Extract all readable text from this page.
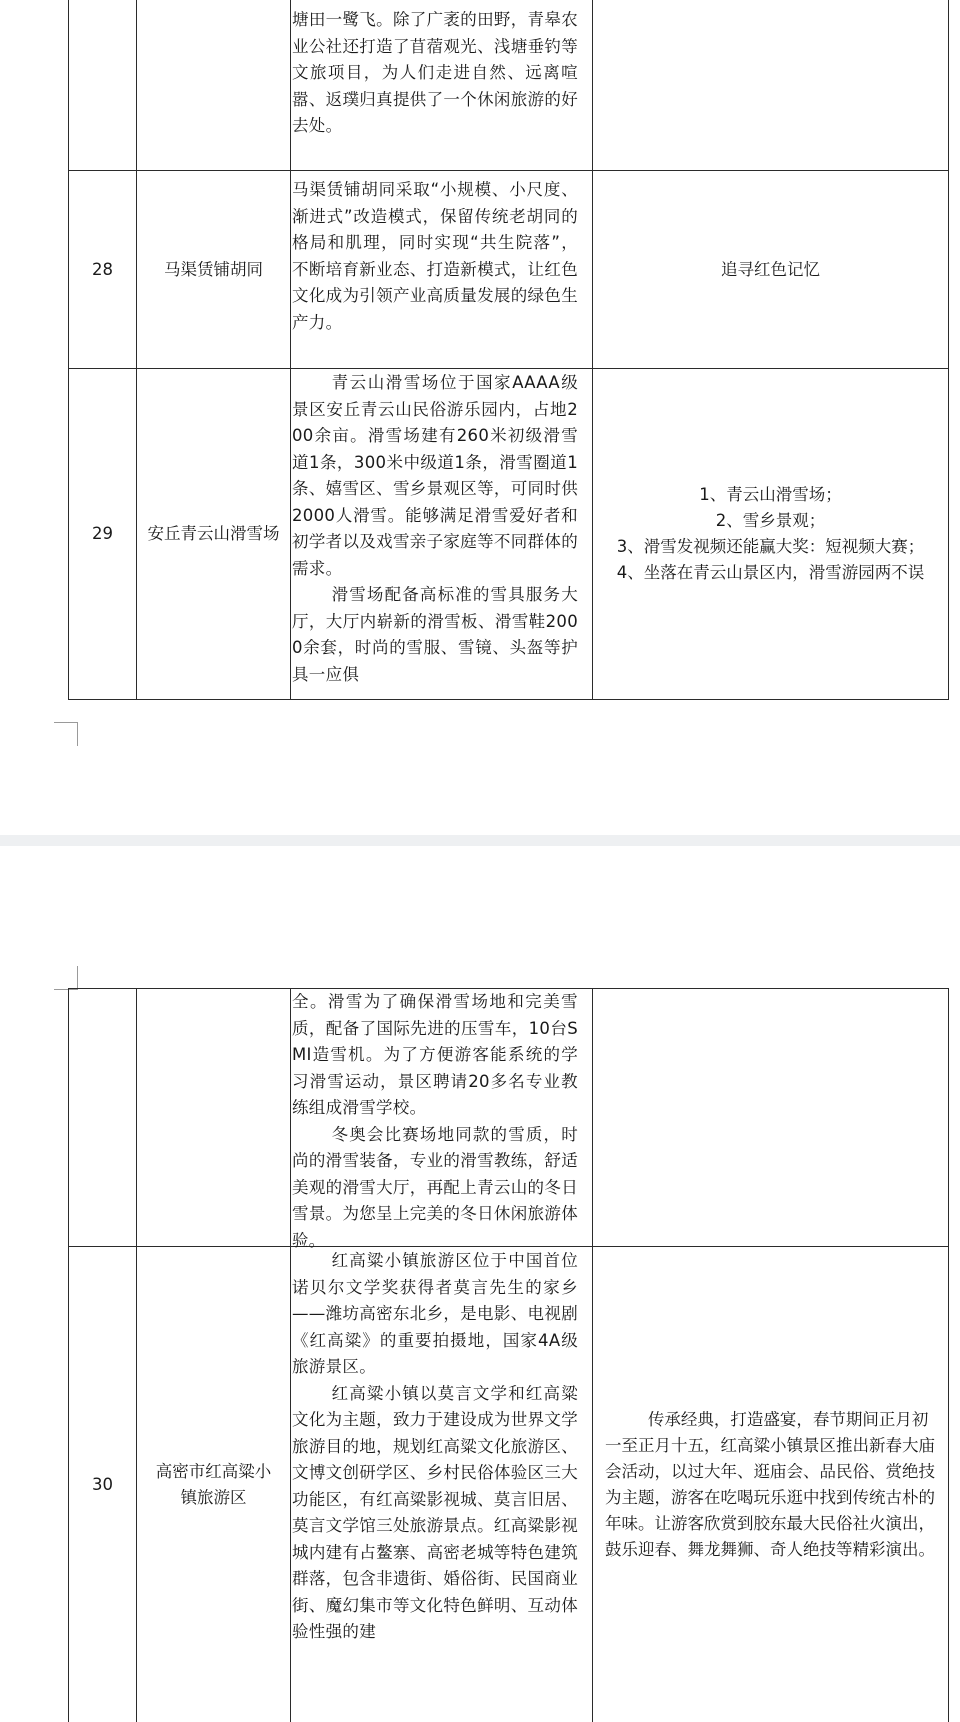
塘田一鹭飞。除了广袤的田野，青皋农业公社还打造了苜蓿观光、浅塘垂钓等文旅项目，为人们走进自然、远离喧嚣、返璞归真提供了一个休闲旅游的好去处。

28	马渠赁铺胡同

马渠赁铺胡同采取“小规模、小尺度、渐进式”改造模式，保留传统老胡同的格局和肌理，同时实现“共生院落”，不断培育新业态、打造新模式，让红色文化成为引领产业高质量发展的绿色生产力。

追寻红色记忆
29 安丘青云山滑雪场

青云山滑雪场位于国家AAAA级景区安丘青云山民俗游乐园内，占地200余亩。滑雪场建有260米初级滑雪道1条，300米中级道1条，滑雪圈道1条、嬉雪区、雪乡景观区等，可同时供2000人滑雪。能够满足滑雪爱好者和初学者以及戏雪亲子家庭等不同群体的需求。

滑雪场配备高标准的雪具服务大厅，大厅内崭新的滑雪板、滑雪鞋2000余套，时尚的雪服、雪镜、头盔等护具一应俱

1、青云山滑雪场；
2、雪乡景观；
3、滑雪发视频还能赢大奖：短视频大赛；
4、坐落在青云山景区内，滑雪游园两不误

全。滑雪为了确保滑雪场地和完美雪质，配备了国际先进的压雪车，10台SMI造雪机。为了方便游客能系统的学习滑雪运动，景区聘请20多名专业教练组成滑雪学校。

冬奥会比赛场地同款的雪质，时尚的滑雪装备，专业的滑雪教练，舒适美观的滑雪大厅，再配上青云山的冬日雪景。为您呈上完美的冬日休闲旅游体验。

30
高密市红高粱小镇旅游区

红高粱小镇旅游区位于中国首位诺贝尔文学奖获得者莫言先生的家乡——潍坊高密东北乡，是电影、电视剧《红高粱》的重要拍摄地，国家4A级旅游景区。

红高粱小镇以莫言文学和红高粱文化为主题，致力于建设成为世界文学旅游目的地，规划红高粱文化旅游区、文博文创研学区、乡村民俗体验区三大功能区，有红高粱影视城、莫言旧居、莫言文学馆三处旅游景点。红高粱影视城内建有占鳌寨、高密老城等特色建筑群落，包含非遗街、婚俗街、民国商业街、魔幻集市等文化特色鲜明、互动体验性强的建

传承经典，打造盛宴，春节期间正月初一至正月十五，红高粱小镇景区推出新春大庙会活动，以过大年、逛庙会、品民俗、赏绝技为主题，游客在吃喝玩乐逛中找到传统古朴的年味。让游客欣赏到胶东最大民俗社火演出，鼓乐迎春、舞龙舞狮、奇人绝技等精彩演出。
